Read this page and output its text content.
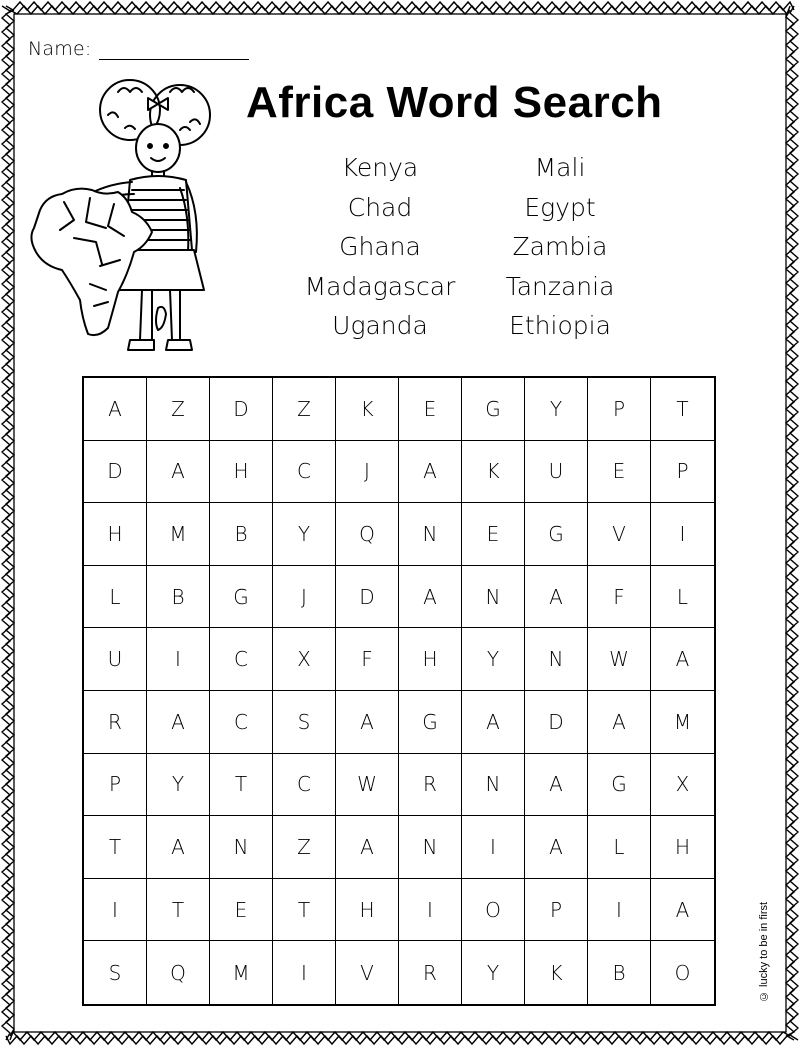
Name:
Africa Word Search
Kenya	Mali
Chad	Egypt
Ghana	Zambia
Madagascar	Tanzania
Uganda	Ethiopia
A	Z	D	Z	K	E	G	Y	P	T
D	A	H	C	J	A	K	U	E	P
H	M	B	Y	Q	N	E	G	V	I
L	B	G	J	D	A	N	A	F	L
U	I	C	X	F	H	Y	N	W	A
R	A	C	S	A	G	A	D	A	M
P	Y	T	C	W	R	N	A	G	X
T	A	N	Z	A	N	I	A	L	H
I	T	E	T	H	I	O	P	I	A
S	Q	M	I	V	R	Y	K	B	O	© lucky to be in first
